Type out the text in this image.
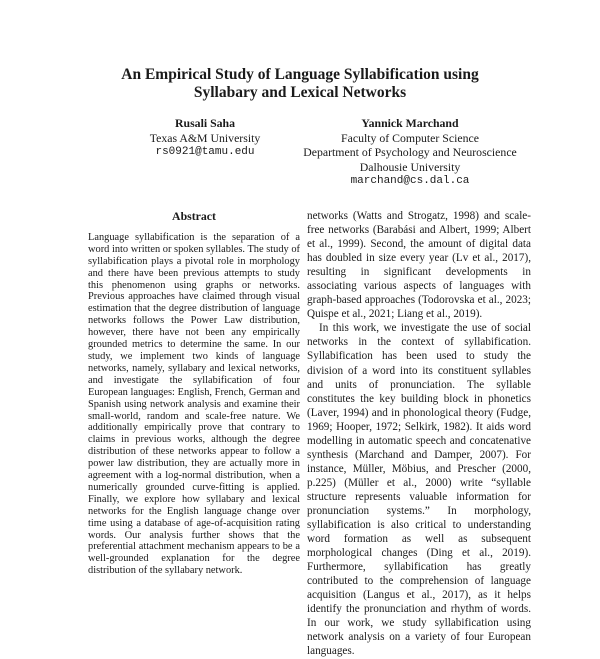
An Empirical Study of Language Syllabification using
Syllabary and Lexical Networks
Rusali Saha
Texas A&M University
rs0921@tamu.edu
Yannick Marchand
Faculty of Computer Science
Department of Psychology and Neuroscience
Dalhousie University
marchand@cs.dal.ca
Abstract

Language syllabification is the separation of a word into written or spoken syllables. The study of syllabification plays a pivotal role in morphology and there have been previous attempts to study this phenomenon using graphs or networks. Previous approaches have claimed through visual estimation that the degree distribution of language networks follows the Power Law distribution, however, there have not been any empirically grounded metrics to determine the same. In our study, we implement two kinds of language networks, namely, syllabary and lexical networks, and investigate the syllabification of four European languages: English, French, German and Spanish using network analysis and examine their small-world, random and scale-free nature. We additionally empirically prove that contrary to claims in previous works, although the degree distribution of these networks appear to follow a power law distribution, they are actually more in agreement with a log-normal distribution, when a numerically grounded curve-fitting is applied. Finally, we explore how syllabary and lexical networks for the English language change over time using a database of age-of-acquisition rating words. Our analysis further shows that the preferential attachment mechanism appears to be a well-grounded explanation for the degree distribution of the syllabary network.

networks (Watts and Strogatz, 1998) and scale-free networks (Barabási and Albert, 1999; Albert et al., 1999). Second, the amount of digital data has doubled in size every year (Lv et al., 2017), resulting in significant developments in associating various aspects of languages with graph-based approaches (Todorovska et al., 2023; Quispe et al., 2021; Liang et al., 2019).

In this work, we investigate the use of social networks in the context of syllabification. Syllabification has been used to study the division of a word into its constituent syllables and units of pronunciation. The syllable constitutes the key building block in phonetics (Laver, 1994) and in phonological theory (Fudge, 1969; Hooper, 1972; Selkirk, 1982). It aids word modelling in automatic speech and concatenative synthesis (Marchand and Damper, 2007). For instance, Müller, Möbius, and Prescher (2000, p.225) (Müller et al., 2000) write “syllable structure represents valuable information for pronunciation systems.” In morphology, syllabification is also critical to understanding word formation as well as subsequent morphological changes (Ding et al., 2019). Furthermore, syllabification has greatly contributed to the comprehension of language acquisition (Langus et al., 2017), as it helps identify the pronunciation and rhythm of words. In our work, we study syllabification using network analysis on a variety of four European languages.
